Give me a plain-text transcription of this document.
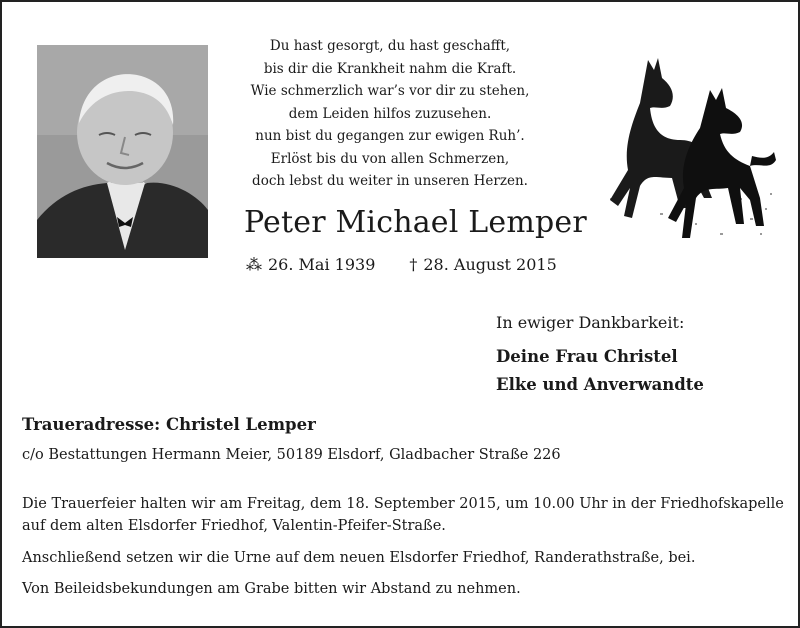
Du hast gesorgt, du hast geschafft,
bis dir die Krankheit nahm die Kraft.
Wie schmerzlich war’s vor dir zu stehen,
dem Leiden hilfos zuzusehen.
nun bist du gegangen zur ewigen Ruh’.
Erlöst bis du von allen Schmerzen,
doch lebst du weiter in unseren Herzen.
Peter Michael Lemper
⁂ 26. Mai 1939 † 28. August 2015
In ewiger Dankbarkeit:
Deine Frau Christel
Elke und Anverwandte
Traueradresse: Christel Lemper
c/o Bestattungen Hermann Meier, 50189 Elsdorf, Gladbacher Straße 226
Die Trauerfeier halten wir am Freitag, dem 18. September 2015, um 10.00 Uhr in der Friedhofskapelle
auf dem alten Elsdorfer Friedhof, Valentin-Pfeifer-Straße.
Anschließend setzen wir die Urne auf dem neuen Elsdorfer Friedhof, Randerathstraße, bei.
Von Beileidsbekundungen am Grabe bitten wir Abstand zu nehmen.
